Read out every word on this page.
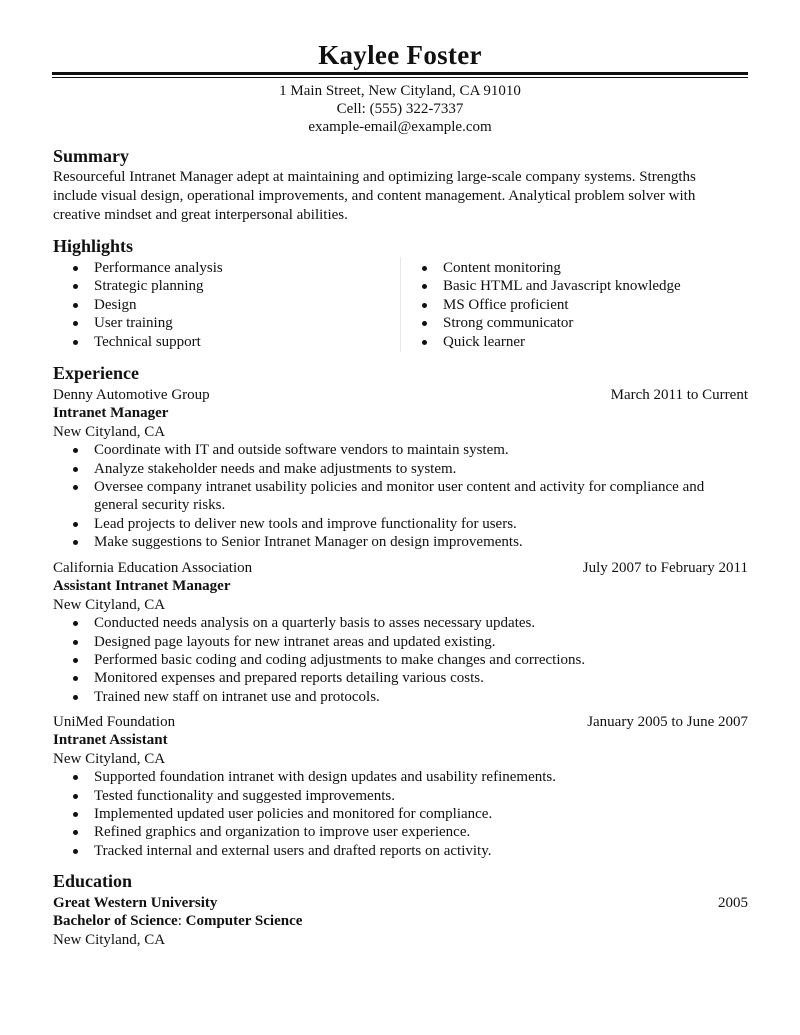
Kaylee Foster
1 Main Street, New Cityland, CA 91010
Cell: (555) 322-7337
example-email@example.com
Summary
Resourceful Intranet Manager adept at maintaining and optimizing large-scale company systems. Strengths
include visual design, operational improvements, and content management. Analytical problem solver with
creative mindset and great interpersonal abilities.
Highlights
Performance analysis
Strategic planning
Design
User training
Technical support
Content monitoring
Basic HTML and Javascript knowledge
MS Office proficient
Strong communicator
Quick learner
Experience
Denny Automotive Group	March 2011 to Current
Intranet Manager
New Cityland, CA
Coordinate with IT and outside software vendors to maintain system.
Analyze stakeholder needs and make adjustments to system.
Oversee company intranet usability policies and monitor user content and activity for compliance and
general security risks.
Lead projects to deliver new tools and improve functionality for users.
Make suggestions to Senior Intranet Manager on design improvements.
California Education Association	July 2007 to February 2011
Assistant Intranet Manager
New Cityland, CA
Conducted needs analysis on a quarterly basis to asses necessary updates.
Designed page layouts for new intranet areas and updated existing.
Performed basic coding and coding adjustments to make changes and corrections.
Monitored expenses and prepared reports detailing various costs.
Trained new staff on intranet use and protocols.
UniMed Foundation	January 2005 to June 2007
Intranet Assistant
New Cityland, CA
Supported foundation intranet with design updates and usability refinements.
Tested functionality and suggested improvements.
Implemented updated user policies and monitored for compliance.
Refined graphics and organization to improve user experience.
Tracked internal and external users and drafted reports on activity.
Education
Great Western University	2005
Bachelor of Science: Computer Science
New Cityland, CA
